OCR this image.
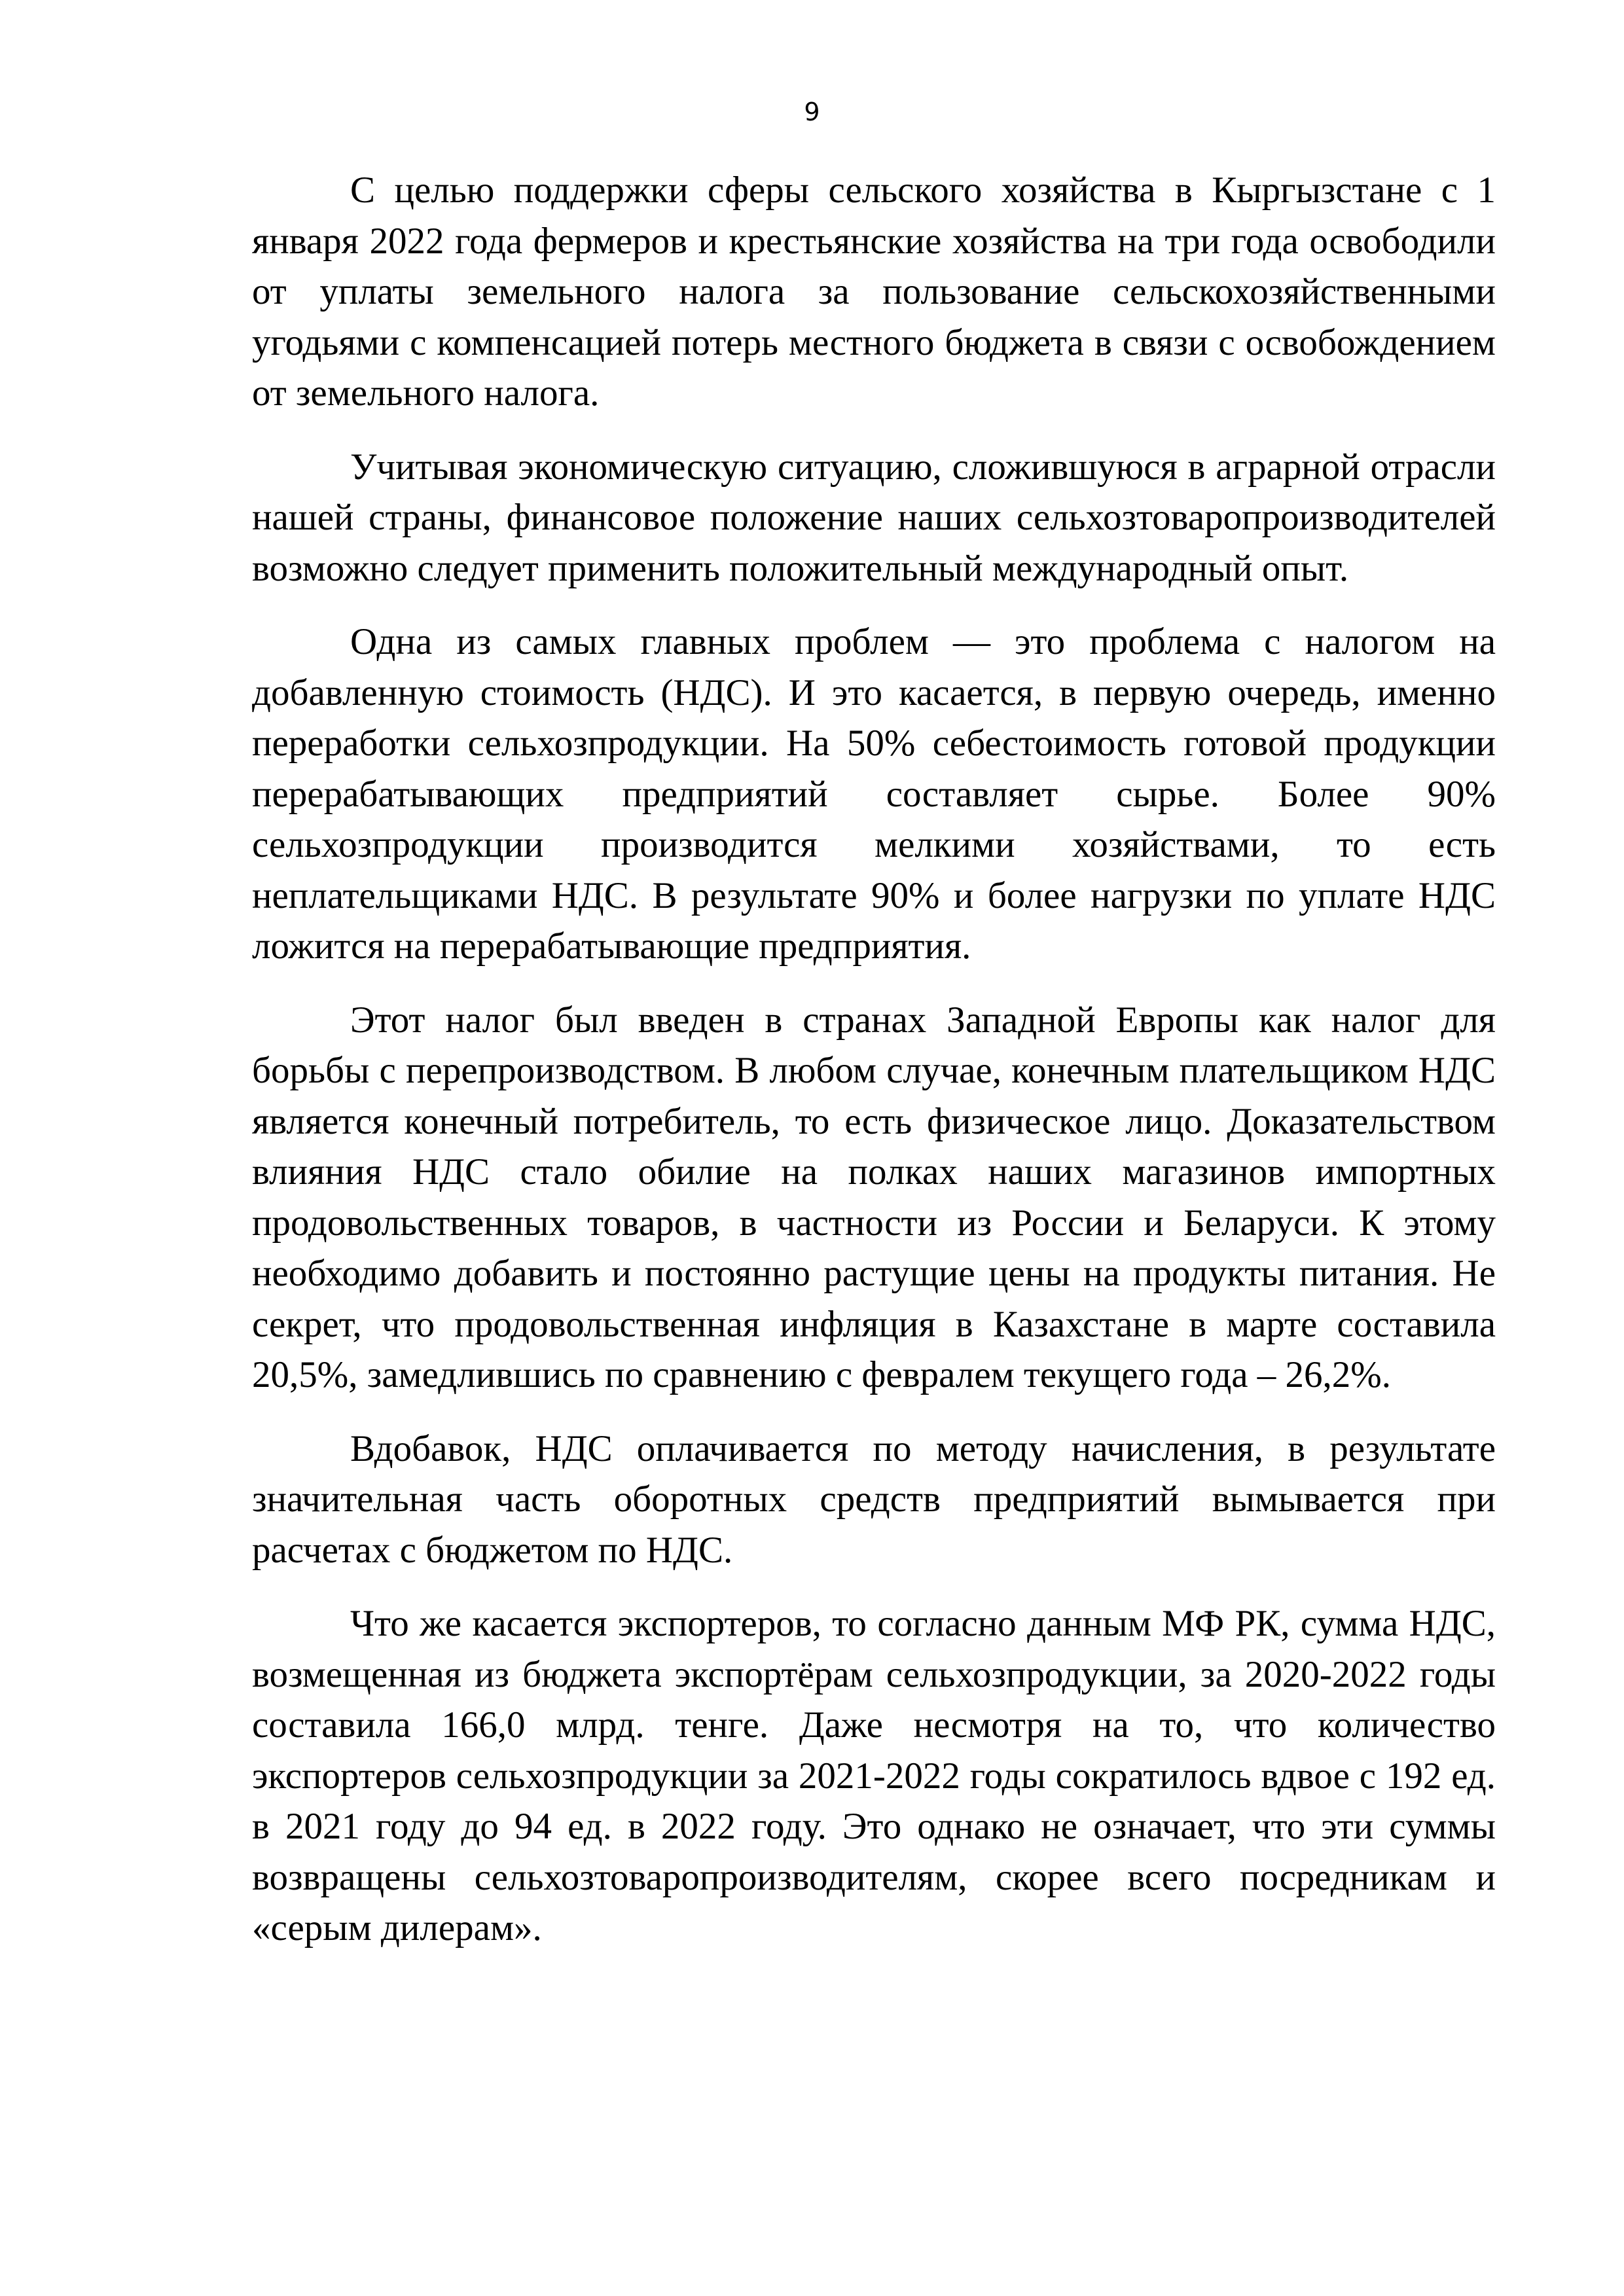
9

С целью поддержки сферы сельского хозяйства в Кыргызстане с 1 января 2022 года фермеров и крестьянские хозяйства на три года освободили от уплаты земельного налога за пользование сельскохозяйственными угодьями с компенсацией потерь местного бюджета в связи с освобождением от земельного налога.

Учитывая экономическую ситуацию, сложившуюся в аграрной отрасли нашей страны, финансовое положение наших сельхозтоваропроизводителей возможно следует применить положительный международный опыт.

Одна из самых главных проблем — это проблема с налогом на добавленную стоимость (НДС). И это касается, в первую очередь, именно переработки сельхозпродукции. На 50% себестоимость готовой продукции перерабатывающих предприятий составляет сырье. Более 90% сельхозпродукции производится мелкими хозяйствами, то есть неплательщиками НДС. В результате 90% и более нагрузки по уплате НДС ложится на перерабатывающие предприятия.

Этот налог был введен в странах Западной Европы как налог для борьбы с перепроизводством. В любом случае, конечным плательщиком НДС является конечный потребитель, то есть физическое лицо. Доказательством влияния НДС стало обилие на полках наших магазинов импортных продовольственных товаров, в частности из России и Беларуси. К этому необходимо добавить и постоянно растущие цены на продукты питания. Не секрет, что продовольственная инфляция в Казахстане в марте составила 20,5%, замедлившись по сравнению с февралем текущего года – 26,2%.

Вдобавок, НДС оплачивается по методу начисления, в результате значительная часть оборотных средств предприятий вымывается при расчетах с бюджетом по НДС.

Что же касается экспортеров, то согласно данным МФ РК, сумма НДС, возмещенная из бюджета экспортёрам сельхозпродукции, за 2020-2022 годы составила 166,0 млрд. тенге. Даже несмотря на то, что количество экспортеров сельхозпродукции за 2021-2022 годы сократилось вдвое с 192 ед. в 2021 году до 94 ед. в 2022 году. Это однако не означает, что эти суммы возвращены сельхозтоваропроизводителям, скорее всего посредникам и «серым дилерам».
